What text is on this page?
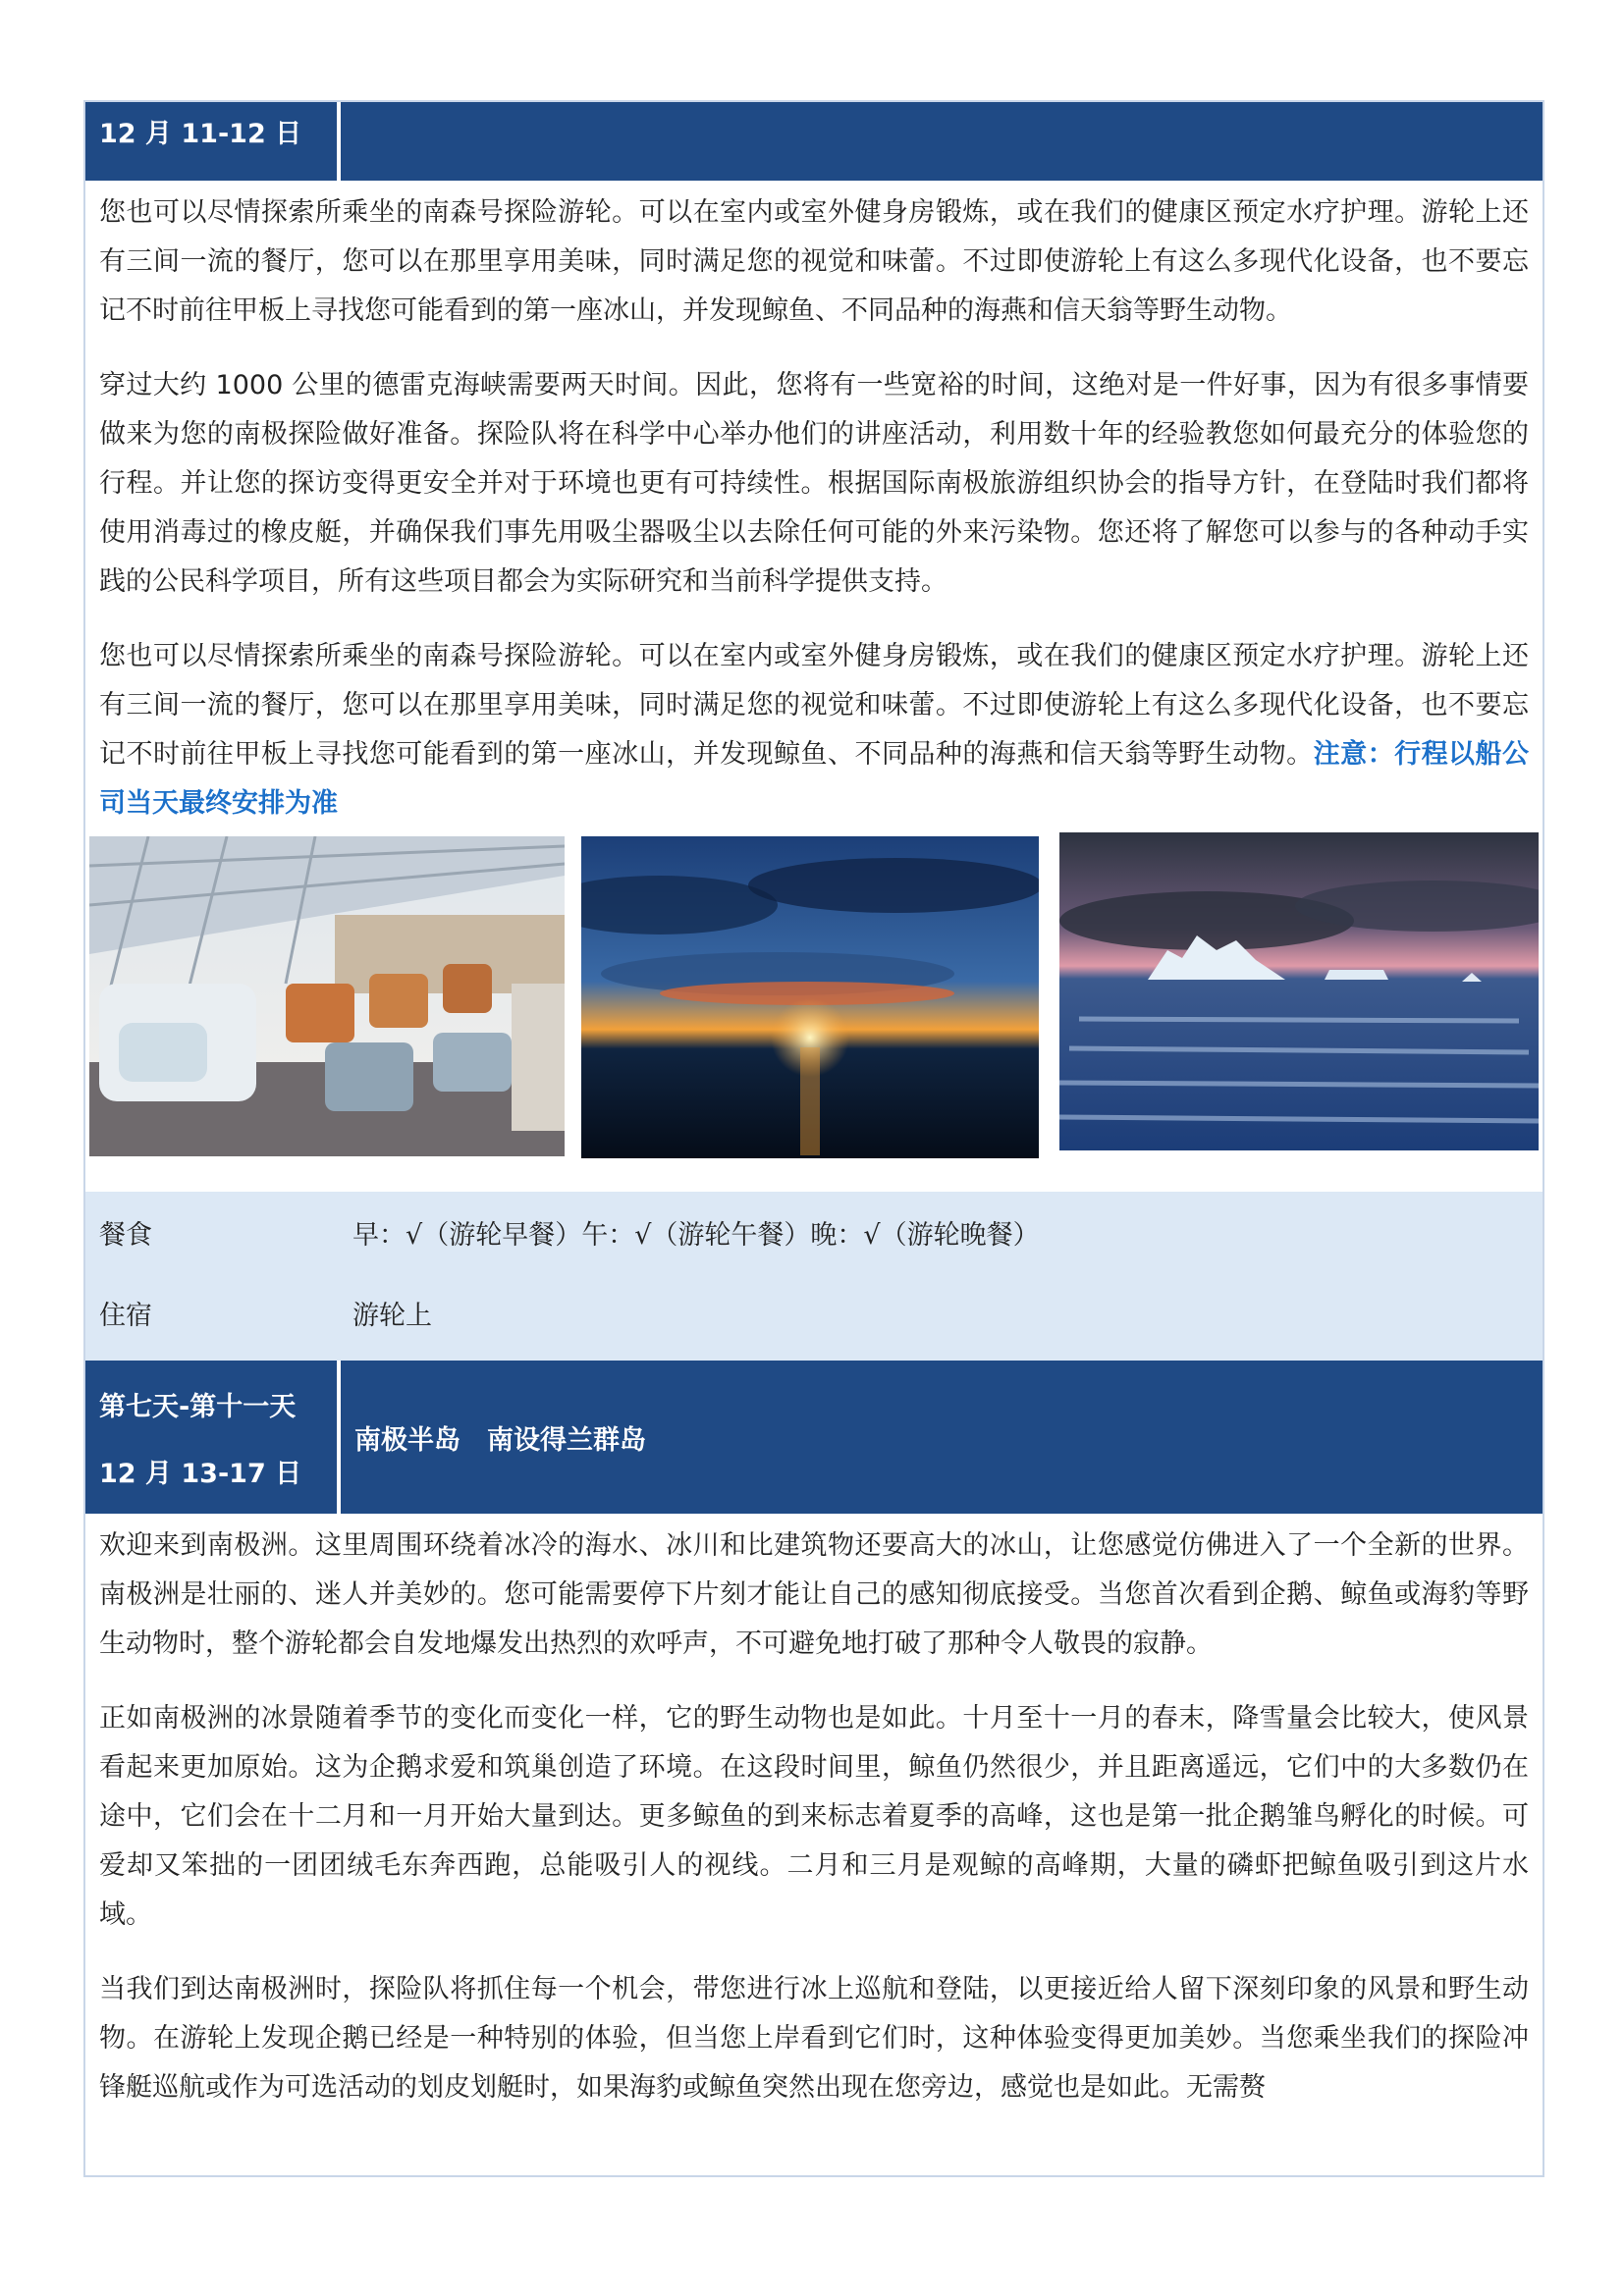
12 月 11-12 日

您也可以尽情探索所乘坐的南森号探险游轮。可以在室内或室外健身房锻炼，或在我们的健康区预定水疗护理。游轮上还有三间一流的餐厅，您可以在那里享用美味，同时满足您的视觉和味蕾。不过即使游轮上有这么多现代化设备，也不要忘记不时前往甲板上寻找您可能看到的第一座冰山，并发现鲸鱼、不同品种的海燕和信天翁等野生动物。

穿过大约 1000 公里的德雷克海峡需要两天时间。因此，您将有一些宽裕的时间，这绝对是一件好事，因为有很多事情要做来为您的南极探险做好准备。探险队将在科学中心举办他们的讲座活动，利用数十年的经验教您如何最充分的体验您的行程。并让您的探访变得更安全并对于环境也更有可持续性。根据国际南极旅游组织协会的指导方针，在登陆时我们都将使用消毒过的橡皮艇，并确保我们事先用吸尘器吸尘以去除任何可能的外来污染物。您还将了解您可以参与的各种动手实践的公民科学项目，所有这些项目都会为实际研究和当前科学提供支持。

您也可以尽情探索所乘坐的南森号探险游轮。可以在室内或室外健身房锻炼，或在我们的健康区预定水疗护理。游轮上还有三间一流的餐厅，您可以在那里享用美味，同时满足您的视觉和味蕾。不过即使游轮上有这么多现代化设备，也不要忘记不时前往甲板上寻找您可能看到的第一座冰山，并发现鲸鱼、不同品种的海燕和信天翁等野生动物。注意：行程以船公司当天最终安排为准

餐食	早：√（游轮早餐）午：√（游轮午餐）晚：√（游轮晚餐）
住宿	游轮上
第七天-第十一天
12 月 13-17 日
南极半岛　南设得兰群岛

欢迎来到南极洲。这里周围环绕着冰冷的海水、冰川和比建筑物还要高大的冰山，让您感觉仿佛进入了一个全新的世界。南极洲是壮丽的、迷人并美妙的。您可能需要停下片刻才能让自己的感知彻底接受。当您首次看到企鹅、鲸鱼或海豹等野生动物时，整个游轮都会自发地爆发出热烈的欢呼声，不可避免地打破了那种令人敬畏的寂静。

正如南极洲的冰景随着季节的变化而变化一样，它的野生动物也是如此。十月至十一月的春末，降雪量会比较大，使风景看起来更加原始。这为企鹅求爱和筑巢创造了环境。在这段时间里，鲸鱼仍然很少，并且距离遥远，它们中的大多数仍在途中，它们会在十二月和一月开始大量到达。更多鲸鱼的到来标志着夏季的高峰，这也是第一批企鹅雏鸟孵化的时候。可爱却又笨拙的一团团绒毛东奔西跑，总能吸引人的视线。二月和三月是观鲸的高峰期，大量的磷虾把鲸鱼吸引到这片水域。

当我们到达南极洲时，探险队将抓住每一个机会，带您进行冰上巡航和登陆，以更接近给人留下深刻印象的风景和野生动物。在游轮上发现企鹅已经是一种特别的体验，但当您上岸看到它们时，这种体验变得更加美妙。当您乘坐我们的探险冲锋艇巡航或作为可选活动的划皮划艇时，如果海豹或鲸鱼突然出现在您旁边，感觉也是如此。无需赘
